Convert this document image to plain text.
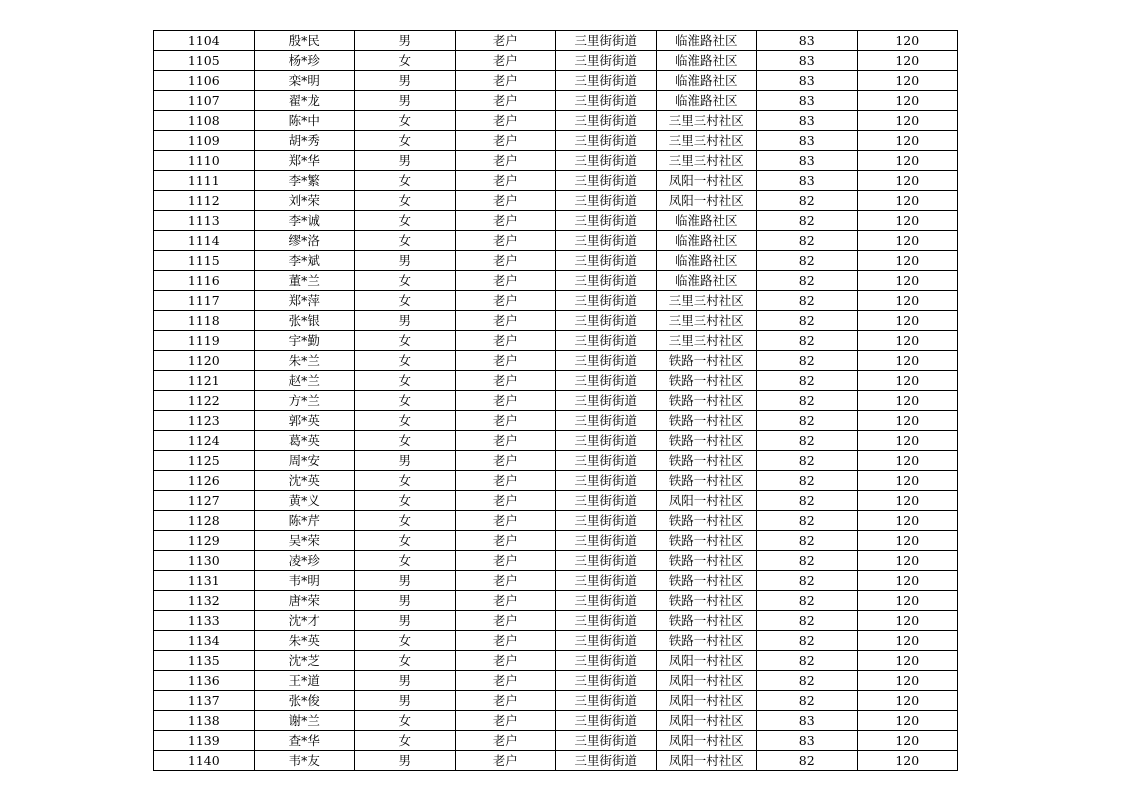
1104	殷*民	男	老户	三里街街道	临淮路社区	83	120
1105	杨*珍	女	老户	三里街街道	临淮路社区	83	120
1106	栾*明	男	老户	三里街街道	临淮路社区	83	120
1107	翟*龙	男	老户	三里街街道	临淮路社区	83	120
1108	陈*中	女	老户	三里街街道	三里三村社区	83	120
1109	胡*秀	女	老户	三里街街道	三里三村社区	83	120
1110	郑*华	男	老户	三里街街道	三里三村社区	83	120
1111	李*繁	女	老户	三里街街道	凤阳一村社区	83	120
1112	刘*荣	女	老户	三里街街道	凤阳一村社区	82	120
1113	李*诚	女	老户	三里街街道	临淮路社区	82	120
1114	缪*洛	女	老户	三里街街道	临淮路社区	82	120
1115	李*斌	男	老户	三里街街道	临淮路社区	82	120
1116	董*兰	女	老户	三里街街道	临淮路社区	82	120
1117	郑*萍	女	老户	三里街街道	三里三村社区	82	120
1118	张*银	男	老户	三里街街道	三里三村社区	82	120
1119	宇*勤	女	老户	三里街街道	三里三村社区	82	120
1120	朱*兰	女	老户	三里街街道	铁路一村社区	82	120
1121	赵*兰	女	老户	三里街街道	铁路一村社区	82	120
1122	方*兰	女	老户	三里街街道	铁路一村社区	82	120
1123	郭*英	女	老户	三里街街道	铁路一村社区	82	120
1124	葛*英	女	老户	三里街街道	铁路一村社区	82	120
1125	周*安	男	老户	三里街街道	铁路一村社区	82	120
1126	沈*英	女	老户	三里街街道	铁路一村社区	82	120
1127	黄*义	女	老户	三里街街道	凤阳一村社区	82	120
1128	陈*芹	女	老户	三里街街道	铁路一村社区	82	120
1129	吴*荣	女	老户	三里街街道	铁路一村社区	82	120
1130	凌*珍	女	老户	三里街街道	铁路一村社区	82	120
1131	韦*明	男	老户	三里街街道	铁路一村社区	82	120
1132	唐*荣	男	老户	三里街街道	铁路一村社区	82	120
1133	沈*才	男	老户	三里街街道	铁路一村社区	82	120
1134	朱*英	女	老户	三里街街道	铁路一村社区	82	120
1135	沈*芝	女	老户	三里街街道	凤阳一村社区	82	120
1136	王*道	男	老户	三里街街道	凤阳一村社区	82	120
1137	张*俊	男	老户	三里街街道	凤阳一村社区	82	120
1138	谢*兰	女	老户	三里街街道	凤阳一村社区	83	120
1139	查*华	女	老户	三里街街道	凤阳一村社区	83	120
1140	韦*友	男	老户	三里街街道	凤阳一村社区	82	120
